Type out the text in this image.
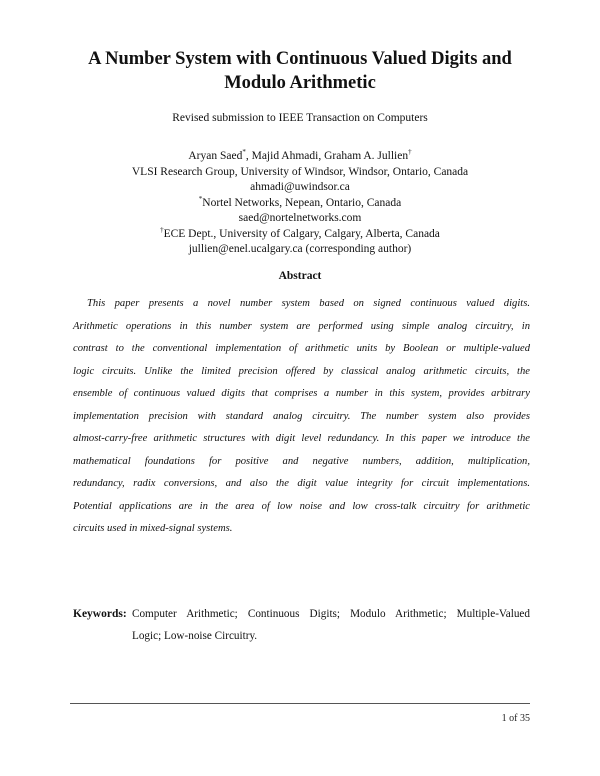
A Number System with Continuous Valued Digits and
Modulo Arithmetic
Revised submission to IEEE Transaction on Computers
Aryan Saed*, Majid Ahmadi, Graham A. Jullien†
VLSI Research Group, University of Windsor, Windsor, Ontario, Canada
ahmadi@uwindsor.ca
*Nortel Networks, Nepean, Ontario, Canada
saed@nortelnetworks.com
†ECE Dept., University of Calgary, Calgary, Alberta, Canada
jullien@enel.ucalgary.ca (corresponding author)
Abstract
This paper presents a novel number system based on signed continuous valued digits.
Arithmetic operations in this number system are performed using simple analog circuitry, in
contrast to the conventional implementation of arithmetic units by Boolean or multiple-valued
logic circuits. Unlike the limited precision offered by classical analog arithmetic circuits, the
ensemble of continuous valued digits that comprises a number in this system, provides arbitrary
implementation precision with standard analog circuitry. The number system also provides
almost-carry-free arithmetic structures with digit level redundancy. In this paper we introduce the
mathematical foundations for positive and negative numbers, addition, multiplication,
redundancy, radix conversions, and also the digit value integrity for circuit implementations.
Potential applications are in the area of low noise and low cross-talk circuitry for arithmetic
circuits used in mixed-signal systems.
Keywords: Computer Arithmetic; Continuous Digits; Modulo Arithmetic; Multiple-Valued
Logic; Low-noise Circuitry.
1 of 35
